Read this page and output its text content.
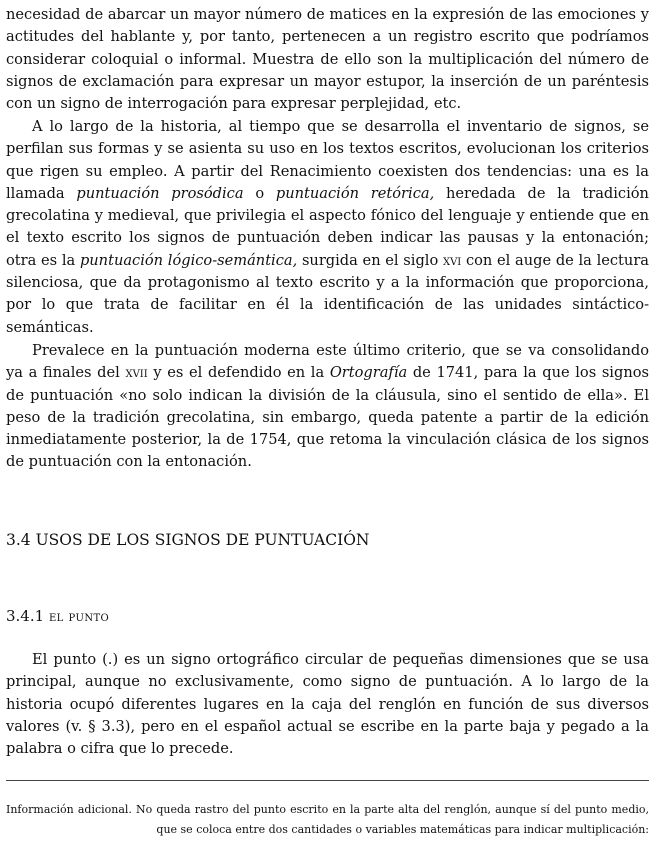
necesidad de abarcar un mayor número de matices en la expresión de las emociones y actitudes del hablante y, por tanto, pertenecen a un registro escrito que podríamos considerar coloquial o informal. Muestra de ello son la multiplicación del número de signos de exclamación para expresar un mayor estupor, la inserción de un paréntesis con un signo de interrogación para expresar perplejidad, etc.

A lo largo de la historia, al tiempo que se desarrolla el inventario de signos, se perfilan sus formas y se asienta su uso en los textos escritos, evolucionan los criterios que rigen su empleo. A partir del Renacimiento coexisten dos tendencias: una es la llamada puntuación prosódica o puntuación retórica, heredada de la tradición grecolatina y medieval, que privilegia el aspecto fónico del lenguaje y entiende que en el texto escrito los signos de puntuación deben indicar las pausas y la entonación; otra es la puntuación lógico-semántica, surgida en el siglo xvi con el auge de la lectura silenciosa, que da protagonismo al texto escrito y a la información que proporciona, por lo que trata de facilitar en él la identificación de las unidades sintáctico-semánticas.

Prevalece en la puntuación moderna este último criterio, que se va consolidando ya a finales del xvii y es el defendido en la Ortografía de 1741, para la que los signos de puntuación «no solo indican la división de la cláusula, sino el sentido de ella». El peso de la tradición grecolatina, sin embargo, queda patente a partir de la edición inmediatamente posterior, la de 1754, que retoma la vinculación clásica de los signos de puntuación con la entonación.

3.4 USOS DE LOS SIGNOS DE PUNTUACIÓN
3.4.1 el punto

El punto (.) es un signo ortográfico circular de pequeñas dimensiones que se usa principal, aunque no exclusivamente, como signo de puntuación. A lo largo de la historia ocupó diferentes lugares en la caja del renglón en función de sus diversos valores (v. § 3.3), pero en el español actual se escribe en la parte baja y pegado a la palabra o cifra que lo precede.

Información adicional. No queda rastro del punto escrito en la parte alta del renglón, aunque sí del punto medio, que se coloca entre dos cantidades o variables matemáticas para indicar multiplicación:
